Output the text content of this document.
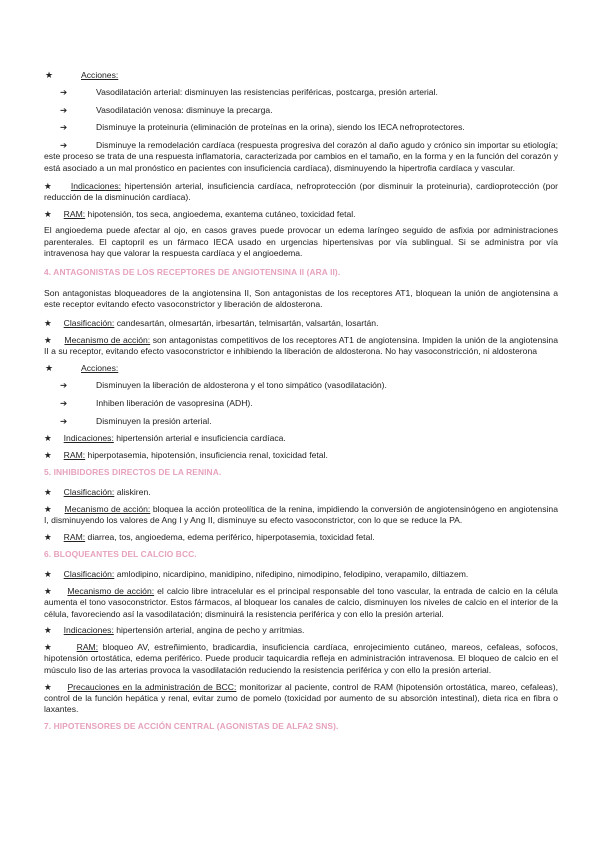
★	Acciones:
➔	Vasodilatación arterial: disminuyen las resistencias periféricas, postcarga, presión arterial.
➔	Vasodilatación venosa: disminuye la precarga.
➔	Disminuye la proteinuria (eliminación de proteínas en la orina), siendo los IECA nefroprotectores.
➔	Disminuye la remodelación cardíaca (respuesta progresiva del corazón al daño agudo y crónico sin importar su etiología; este proceso se trata de una respuesta inflamatoria, caracterizada por cambios en el tamaño, en la forma y en la función del corazón y está asociado a un mal pronóstico en pacientes con insuficiencia cardíaca), disminuyendo la hipertrofia cardíaca y vascular.
★ Indicaciones: hipertensión arterial, insuficiencia cardíaca, nefroprotección (por disminuir la proteinuria), cardioprotección (por reducción de la disminución cardíaca).
★ RAM: hipotensión, tos seca, angioedema, exantema cutáneo, toxicidad fetal.
El angioedema puede afectar al ojo, en casos graves puede provocar un edema laríngeo seguido de asfixia por administraciones parenterales. El captopril es un fármaco IECA usado en urgencias hipertensivas por vía sublingual. Si se administra por vía intravenosa hay que valorar la respuesta cardíaca y el angioedema.
4. ANTAGONISTAS DE LOS RECEPTORES DE ANGIOTENSINA II (ARA II).
Son antagonistas bloqueadores de la angiotensina II, Son antagonistas de los receptores AT1, bloquean la unión de angiotensina a este receptor evitando efecto vasoconstrictor y liberación de aldosterona.
★ Clasificación: candesartán, olmesartán, irbesartán, telmisartán, valsartán, losartán.
★ Mecanismo de acción: son antagonistas competitivos de los receptores AT1 de angiotensina. Impiden la unión de la angiotensina II a su receptor, evitando efecto vasoconstrictor e inhibiendo la liberación de aldosterona. No hay vasoconstricción, ni aldosterona
★	Acciones:
➔	Disminuyen la liberación de aldosterona y el tono simpático (vasodilatación).
➔	Inhiben liberación de vasopresina (ADH).
➔	Disminuyen la presión arterial.
★ Indicaciones: hipertensión arterial e insuficiencia cardíaca.
★ RAM: hiperpotasemia, hipotensión, insuficiencia renal, toxicidad fetal.
5. INHIBIDORES DIRECTOS DE LA RENINA.
★ Clasificación: aliskiren.
★ Mecanismo de acción: bloquea la acción proteolítica de la renina, impidiendo la conversión de angiotensinógeno en angiotensina I, disminuyendo los valores de Ang I y Ang II, disminuye su efecto vasoconstrictor, con lo que se reduce la PA.
★ RAM: diarrea, tos, angioedema, edema periférico, hiperpotasemia, toxicidad fetal.
6. BLOQUEANTES DEL CALCIO BCC.
★ Clasificación: amlodipino, nicardipino, manidipino, nifedipino, nimodipino, felodipino, verapamilo, diltiazem.
★ Mecanismo de acción: el calcio libre intracelular es el principal responsable del tono vascular, la entrada de calcio en la célula aumenta el tono vasoconstrictor. Estos fármacos, al bloquear los canales de calcio, disminuyen los niveles de calcio en el interior de la célula, favoreciendo así la vasodilatación; disminuirá la resistencia periférica y con ello la presión arterial.
★ Indicaciones: hipertensión arterial, angina de pecho y arritmias.
★	RAM: bloqueo AV, estreñimiento, bradicardia, insuficiencia cardíaca, enrojecimiento cutáneo, mareos, cefaleas, sofocos, hipotensión ortostática, edema periférico. Puede producir taquicardia refleja en administración intravenosa. El bloqueo de calcio en el músculo liso de las arterias provoca la vasodilatación reduciendo la resistencia periférica y con ello la presión arterial.
★ Precauciones en la administración de BCC: monitorizar al paciente, control de RAM (hipotensión ortostática, mareo, cefaleas), control de la función hepática y renal, evitar zumo de pomelo (toxicidad por aumento de su absorción intestinal), dieta rica en fibra o laxantes.
7. HIPOTENSORES DE ACCIÓN CENTRAL (AGONISTAS DE ALFA2 SNS).
